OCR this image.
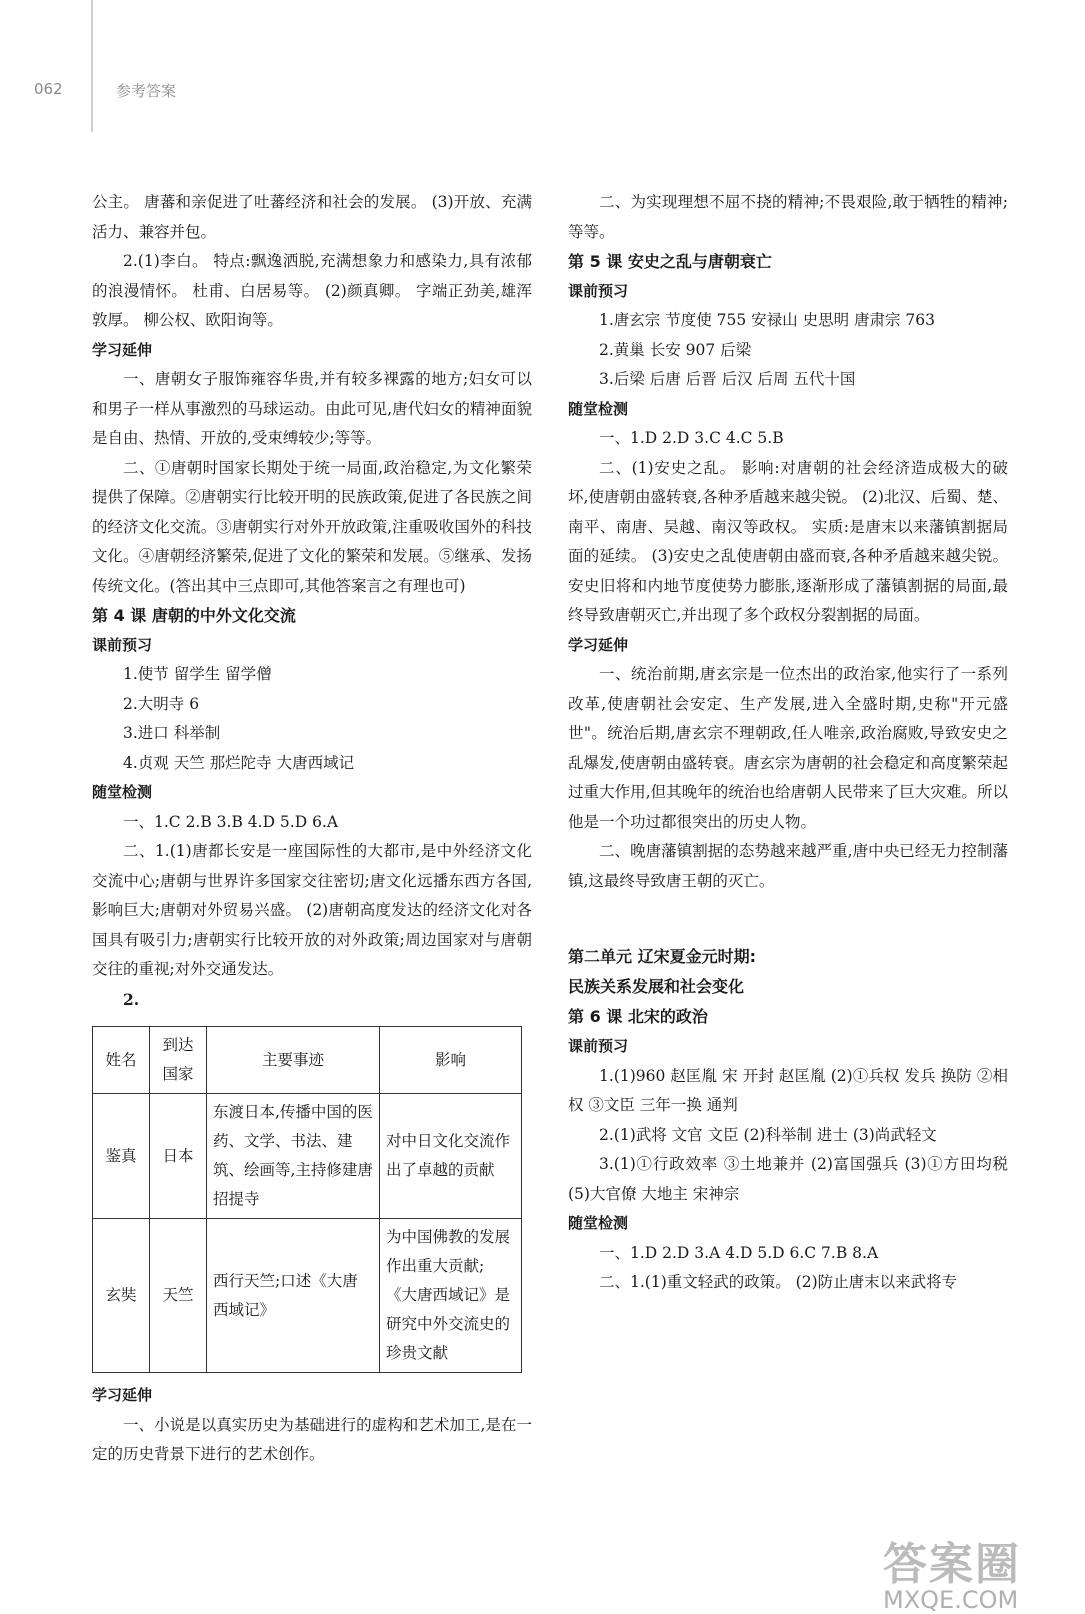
062	参考答案

公主。 唐蕃和亲促进了吐蕃经济和社会的发展。 (3)开放、充满活力、兼容并包。

2.(1)李白。 特点:飘逸洒脱,充满想象力和感染力,具有浓郁的浪漫情怀。 杜甫、白居易等。 (2)颜真卿。 字端正劲美,雄浑敦厚。 柳公权、欧阳询等。

学习延伸

一、唐朝女子服饰雍容华贵,并有较多裸露的地方;妇女可以和男子一样从事激烈的马球运动。由此可见,唐代妇女的精神面貌是自由、热情、开放的,受束缚较少;等等。

二、①唐朝时国家长期处于统一局面,政治稳定,为文化繁荣提供了保障。②唐朝实行比较开明的民族政策,促进了各民族之间的经济文化交流。③唐朝实行对外开放政策,注重吸收国外的科技文化。④唐朝经济繁荣,促进了文化的繁荣和发展。⑤继承、发扬传统文化。(答出其中三点即可,其他答案言之有理也可)

第 4 课 唐朝的中外文化交流

课前预习

1.使节 留学生 留学僧

2.大明寺 6

3.进口 科举制

4.贞观 天竺 那烂陀寺 大唐西域记

随堂检测

一、1.C 2.B 3.B 4.D 5.D 6.A

二、1.(1)唐都长安是一座国际性的大都市,是中外经济文化交流中心;唐朝与世界许多国家交往密切;唐文化远播东西方各国,影响巨大;唐朝对外贸易兴盛。 (2)唐朝高度发达的经济文化对各国具有吸引力;唐朝实行比较开放的对外政策;周边国家对与唐朝交往的重视;对外交通发达。

2.

姓名	到达国家	主要事迹	影响
鉴真	日本	东渡日本,传播中国的医药、文学、书法、建筑、绘画等,主持修建唐招提寺	对中日文化交流作出了卓越的贡献
玄奘	天竺	西行天竺;口述《大唐西域记》	为中国佛教的发展作出重大贡献;《大唐西域记》是研究中外交流史的珍贵文献

学习延伸

一、小说是以真实历史为基础进行的虚构和艺术加工,是在一定的历史背景下进行的艺术创作。

二、为实现理想不屈不挠的精神;不畏艰险,敢于牺牲的精神;等等。

第 5 课 安史之乱与唐朝衰亡

课前预习

1.唐玄宗 节度使 755 安禄山 史思明 唐肃宗 763

2.黄巢 长安 907 后梁

3.后梁 后唐 后晋 后汉 后周 五代十国

随堂检测

一、1.D 2.D 3.C 4.C 5.B

二、(1)安史之乱。 影响:对唐朝的社会经济造成极大的破坏,使唐朝由盛转衰,各种矛盾越来越尖锐。 (2)北汉、后蜀、楚、南平、南唐、吴越、南汉等政权。 实质:是唐末以来藩镇割据局面的延续。 (3)安史之乱使唐朝由盛而衰,各种矛盾越来越尖锐。安史旧将和内地节度使势力膨胀,逐渐形成了藩镇割据的局面,最终导致唐朝灭亡,并出现了多个政权分裂割据的局面。

学习延伸

一、统治前期,唐玄宗是一位杰出的政治家,他实行了一系列改革,使唐朝社会安定、生产发展,进入全盛时期,史称"开元盛世"。统治后期,唐玄宗不理朝政,任人唯亲,政治腐败,导致安史之乱爆发,使唐朝由盛转衰。唐玄宗为唐朝的社会稳定和高度繁荣起过重大作用,但其晚年的统治也给唐朝人民带来了巨大灾难。所以他是一个功过都很突出的历史人物。

二、晚唐藩镇割据的态势越来越严重,唐中央已经无力控制藩镇,这最终导致唐王朝的灭亡。

第二单元 辽宋夏金元时期:

民族关系发展和社会变化

第 6 课 北宋的政治

课前预习

1.(1)960 赵匡胤 宋 开封 赵匡胤 (2)①兵权 发兵 换防 ②相权 ③文臣 三年一换 通判

2.(1)武将 文官 文臣 (2)科举制 进士 (3)尚武轻文

3.(1)①行政效率 ③土地兼并 (2)富国强兵 (3)①方田均税 (5)大官僚 大地主 宋神宗

随堂检测

一、1.D 2.D 3.A 4.D 5.D 6.C 7.B 8.A

二、1.(1)重文轻武的政策。 (2)防止唐末以来武将专

答案圈
MXQE.COM
